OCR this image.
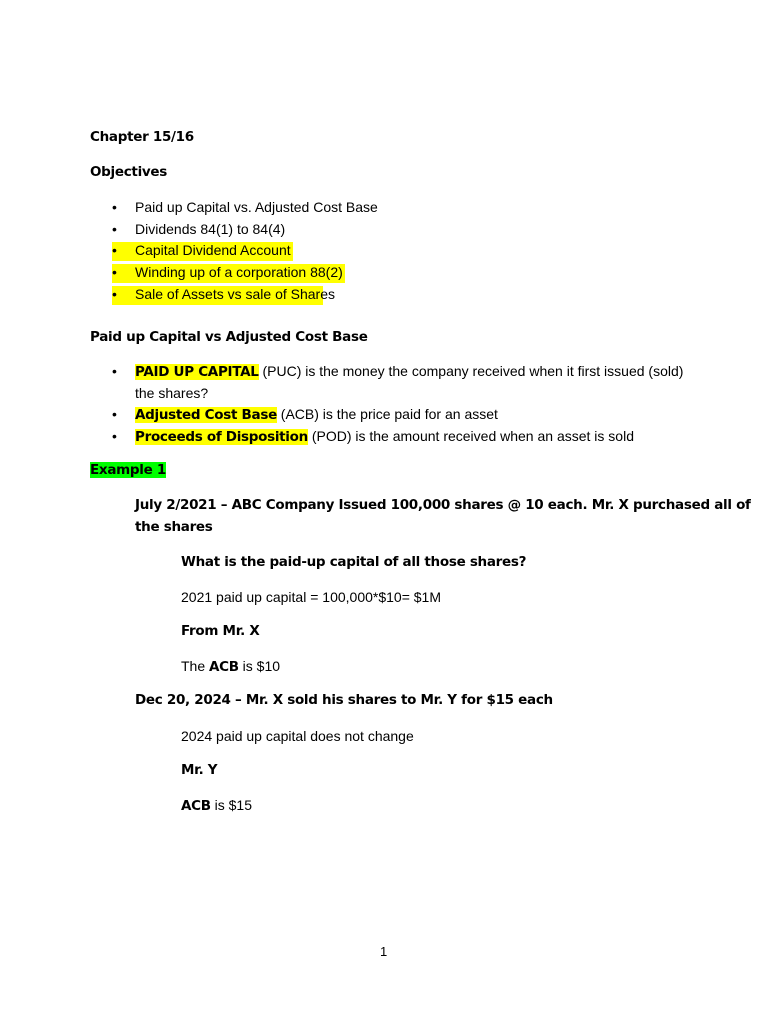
Chapter 15/16
Objectives
• Paid up Capital vs. Adjusted Cost Base
• Dividends 84(1) to 84(4)
• Capital Dividend Account
• Winding up of a corporation 88(2)
• Sale of Assets vs sale of Shares
Paid up Capital vs Adjusted Cost Base
• PAID UP CAPITAL (PUC) is the money the company received when it first issued (sold)
the shares?
• Adjusted Cost Base (ACB) is the price paid for an asset
• Proceeds of Disposition (POD) is the amount received when an asset is sold
Example 1
July 2/2021 – ABC Company Issued 100,000 shares @ 10 each. Mr. X purchased all of
the shares
What is the paid-up capital of all those shares?
2021 paid up capital = 100,000*$10= $1M
From Mr. X
The ACB is $10
Dec 20, 2024 – Mr. X sold his shares to Mr. Y for $15 each
2024 paid up capital does not change
Mr. Y
ACB is $15
1
